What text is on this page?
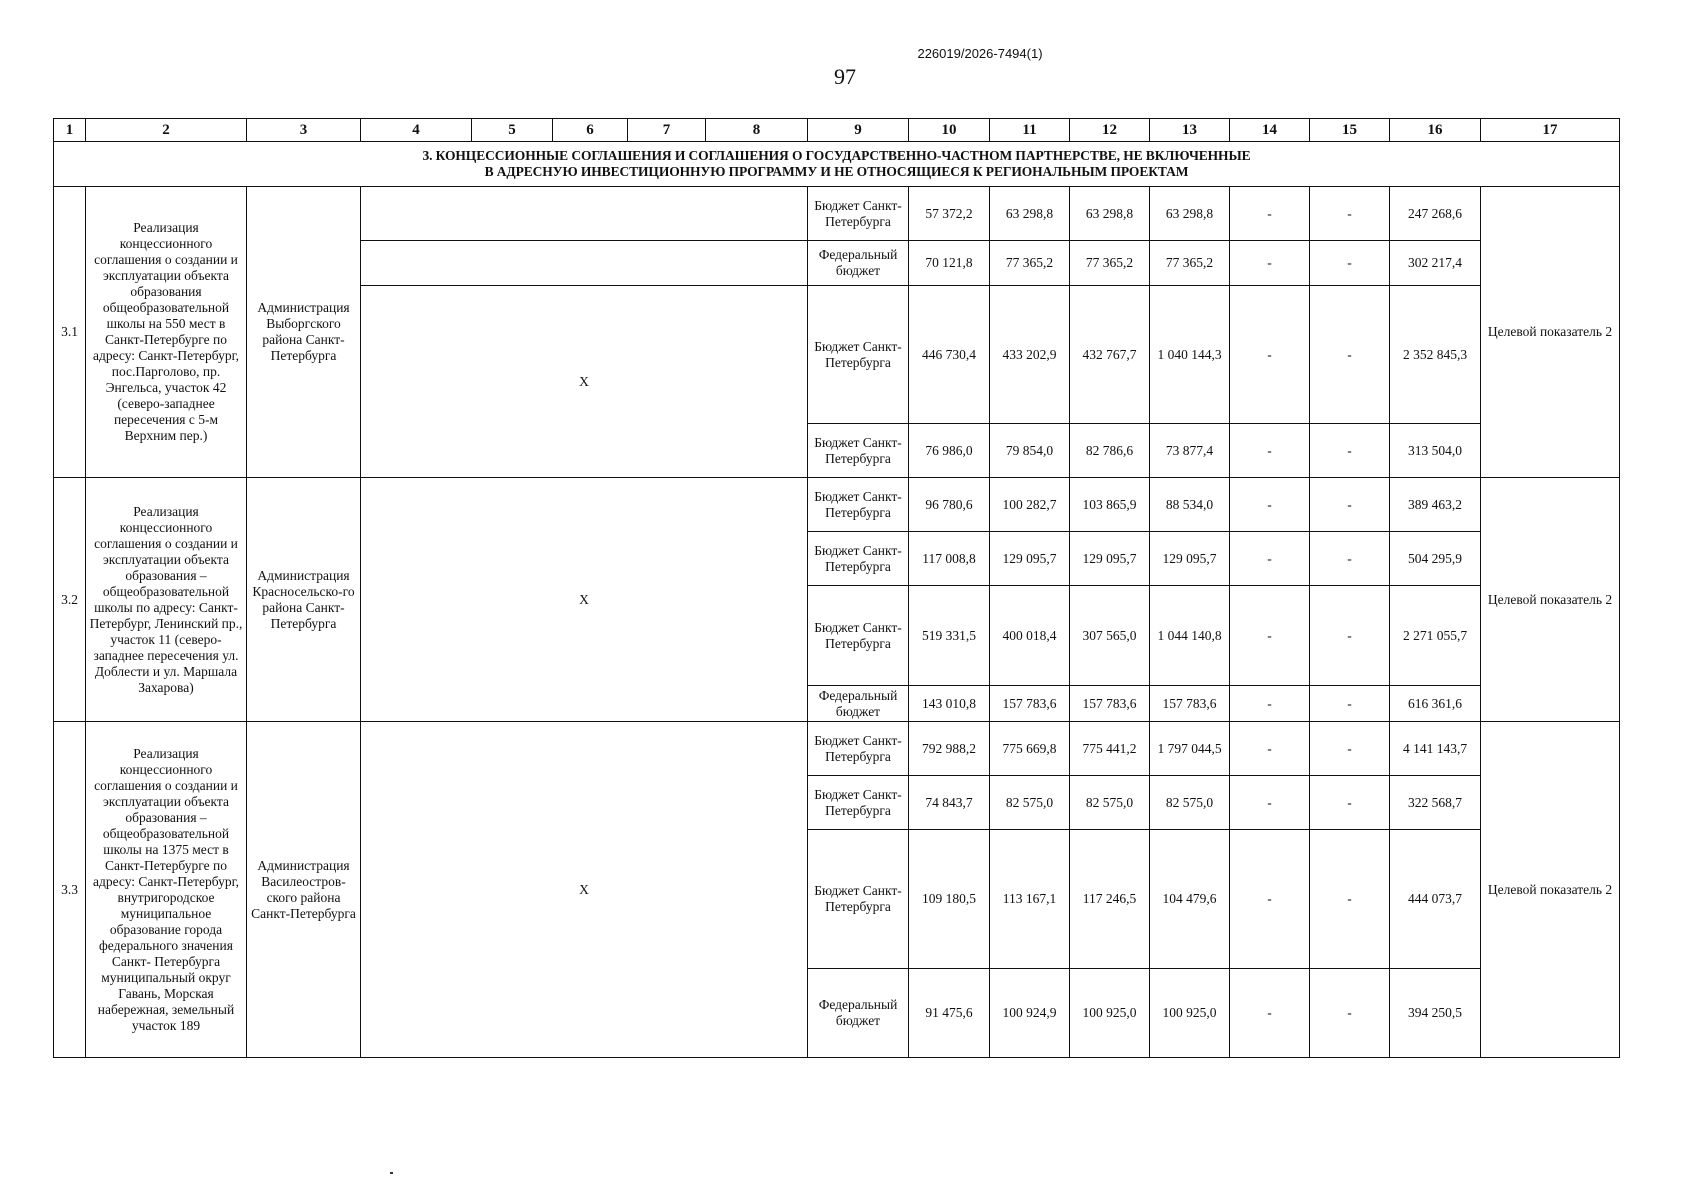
226019/2026-7494(1)
97
1	2	3	4	5	6	7	8	9	10	11	12	13	14	15	16	17

3. КОНЦЕССИОННЫЕ СОГЛАШЕНИЯ И СОГЛАШЕНИЯ О ГОСУДАРСТВЕННО-ЧАСТНОМ ПАРТНЕРСТВЕ, НЕ ВКЛЮЧЕННЫЕ
В АДРЕСНУЮ ИНВЕСТИЦИОННУЮ ПРОГРАММУ И НЕ ОТНОСЯЩИЕСЯ К РЕГИОНАЛЬНЫМ ПРОЕКТАМ																

3.1	Реализация концессионного соглашения о создании и эксплуатации объекта образования общеобразовательной школы на 550 мест в Санкт-Петербурге по адресу: Санкт-Петербург, пос.Парголово, пр. Энгельса, участок 42 (северо-западнее пересечения с 5-м Верхним пер.)	Администрация Выборгского района Санкт-Петербурга						Бюджет Санкт-Петербурга	57 372,2	63 298,8	63 298,8	63 298,8	-	-	247 268,6	Целевой показатель 2
								Федеральный бюджет	70 121,8	77 365,2	77 365,2	77 365,2	-	-	302 217,4	
			X					Бюджет Санкт-Петербурга	446 730,4	433 202,9	432 767,7	1 040 144,3	-	-	2 352 845,3	
								Бюджет Санкт-Петербурга	76 986,0	79 854,0	82 786,6	73 877,4	-	-	313 504,0	
3.2	Реализация концессионного соглашения о создании и эксплуатации объекта образования – общеобразовательной школы по адресу: Санкт-Петербург, Ленинский пр., участок 11 (северо-западнее пересечения ул. Доблести и ул. Маршала Захарова)	Администрация Красносельско-го района Санкт-Петербурга	X					Бюджет Санкт-Петербурга	96 780,6	100 282,7	103 865,9	88 534,0	-	-	389 463,2	Целевой показатель 2
								Бюджет Санкт-Петербурга	117 008,8	129 095,7	129 095,7	129 095,7	-	-	504 295,9	
								Бюджет Санкт-Петербурга	519 331,5	400 018,4	307 565,0	1 044 140,8	-	-	2 271 055,7	
								Федеральный бюджет	143 010,8	157 783,6	157 783,6	157 783,6	-	-	616 361,6	
3.3	Реализация концессионного соглашения о создании и эксплуатации объекта образования – общеобразовательной школы на 1375 мест в Санкт-Петербурге по адресу: Санкт-Петербург, внутригородское муниципальное образование города федерального значения Санкт- Петербурга муниципальный округ Гавань, Морская набережная, земельный участок 189	Администрация Василеостров-ского района Санкт-Петербурга	X					Бюджет Санкт-Петербурга	792 988,2	775 669,8	775 441,2	1 797 044,5	-	-	4 141 143,7	Целевой показатель 2
								Бюджет Санкт-Петербурга	74 843,7	82 575,0	82 575,0	82 575,0	-	-	322 568,7	
								Бюджет Санкт-Петербурга	109 180,5	113 167,1	117 246,5	104 479,6	-	-	444 073,7	
								Федеральный бюджет	91 475,6	100 924,9	100 925,0	100 925,0	-	-	394 250,5	
